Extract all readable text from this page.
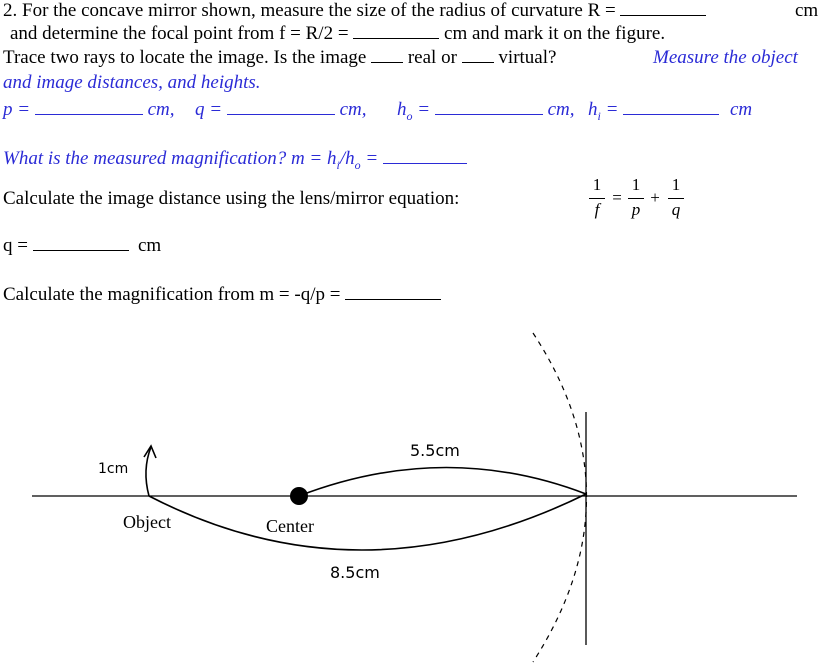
2. For the concave mirror shown, measure the size of the radius of curvature R =	cm
and determine the focal point from f = R/2 =	cm and mark it on the figure.
Trace two rays to locate the image. Is the image real or virtual?	Measure the object
and image distances, and heights.
p =	cm, q =	cm, $h_o$ =	cm, $h_i$ =	cm
What is the measured magnification? $m = h_i/h_o$ =
Calculate the image distance using the lens/mirror equation:
1
f
=
1
p
+
1
q
q =	cm
Calculate the magnification from m = -q/p =
1cm
Object	Center
5.5cm
8.5cm
